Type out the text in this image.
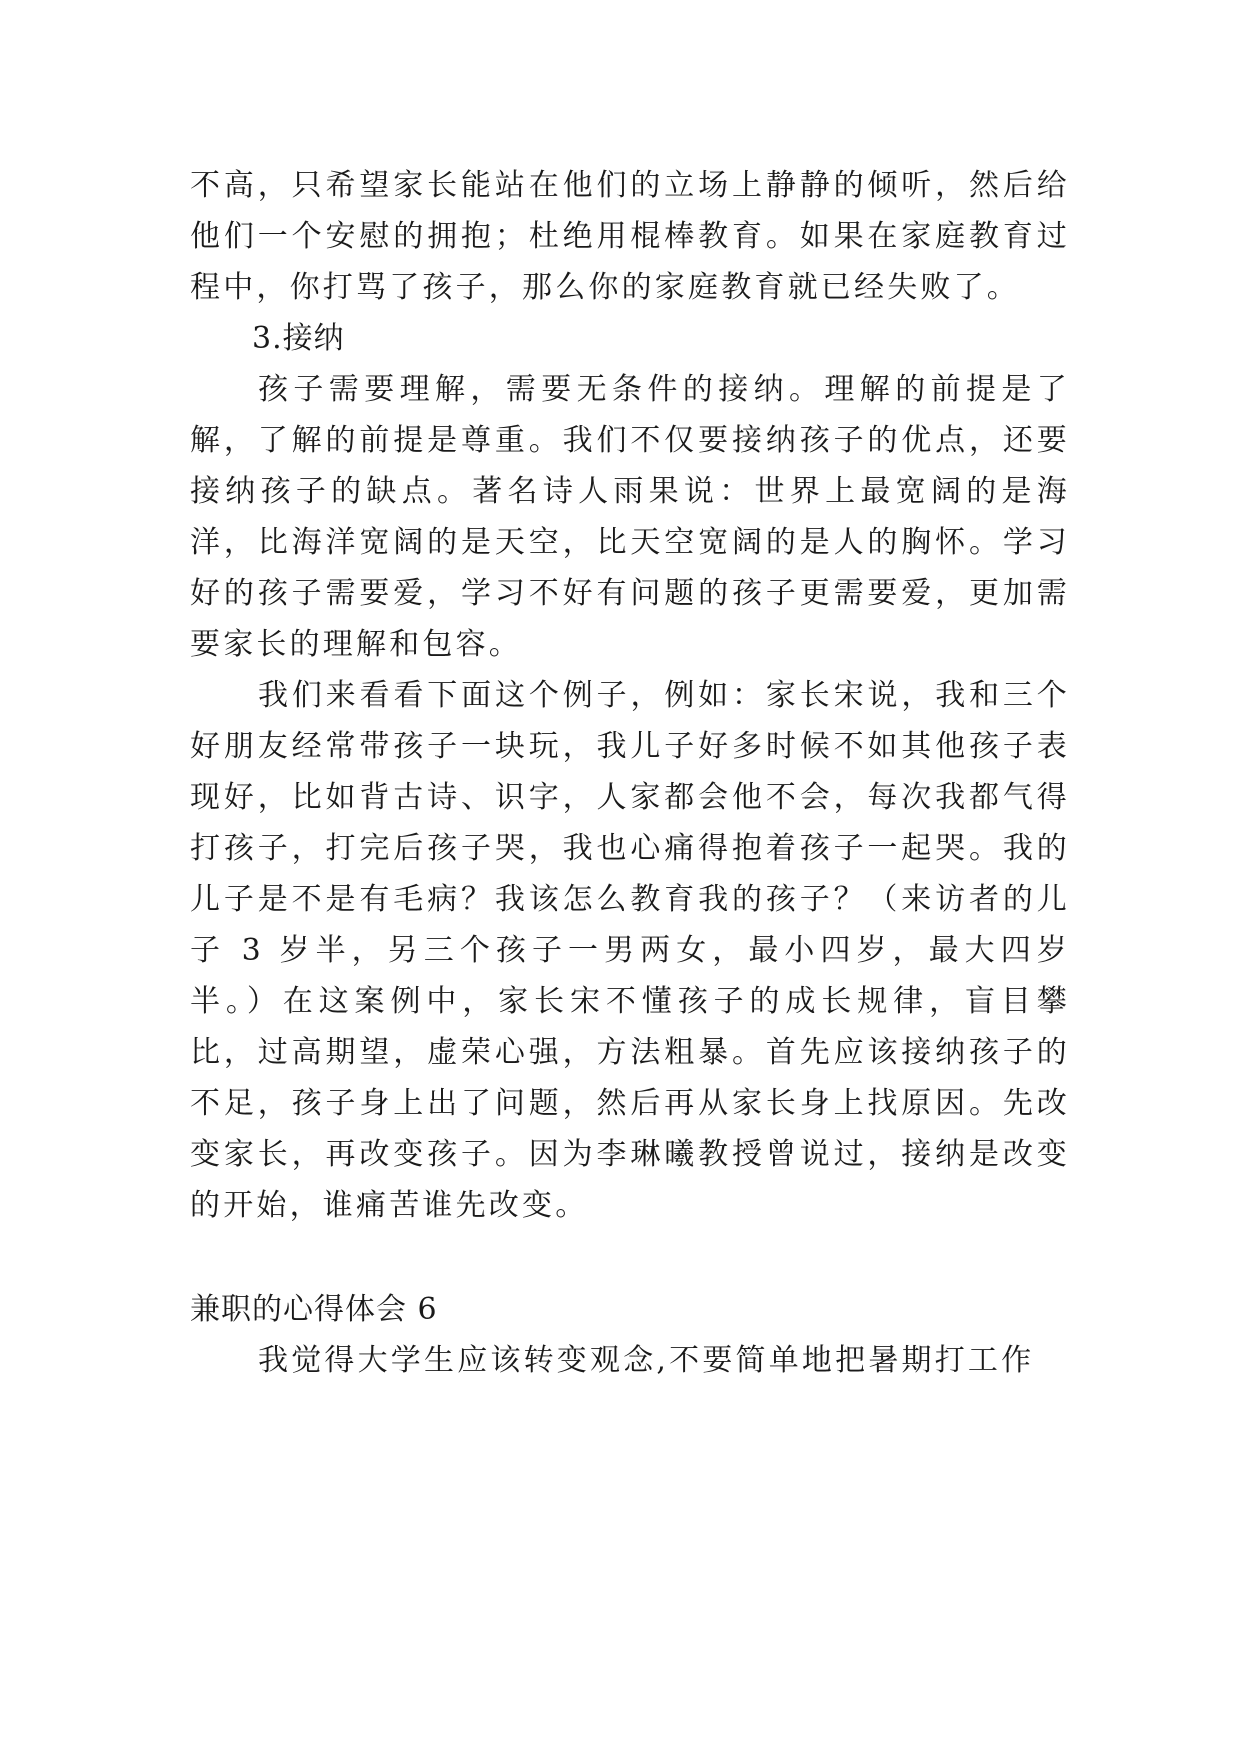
不高，只希望家长能站在他们的立场上静静的倾听，然后给他们一个安慰的拥抱；杜绝用棍棒教育。如果在家庭教育过程中，你打骂了孩子，那么你的家庭教育就已经失败了。

3.接纳

孩子需要理解，需要无条件的接纳。理解的前提是了解，了解的前提是尊重。我们不仅要接纳孩子的优点，还要接纳孩子的缺点。著名诗人雨果说：世界上最宽阔的是海洋，比海洋宽阔的是天空，比天空宽阔的是人的胸怀。学习好的孩子需要爱，学习不好有问题的孩子更需要爱，更加需要家长的理解和包容。

我们来看看下面这个例子，例如：家长宋说，我和三个好朋友经常带孩子一块玩，我儿子好多时候不如其他孩子表现好，比如背古诗、识字，人家都会他不会，每次我都气得打孩子，打完后孩子哭，我也心痛得抱着孩子一起哭。我的儿子是不是有毛病？我该怎么教育我的孩子？（来访者的儿子 3 岁半，另三个孩子一男两女，最小四岁，最大四岁半。）在这案例中，家长宋不懂孩子的成长规律，盲目攀比，过高期望，虚荣心强，方法粗暴。首先应该接纳孩子的不足，孩子身上出了问题，然后再从家长身上找原因。先改变家长，再改变孩子。因为李琳曦教授曾说过，接纳是改变的开始，谁痛苦谁先改变。

兼职的心得体会 6

我觉得大学生应该转变观念,不要简单地把暑期打工作
